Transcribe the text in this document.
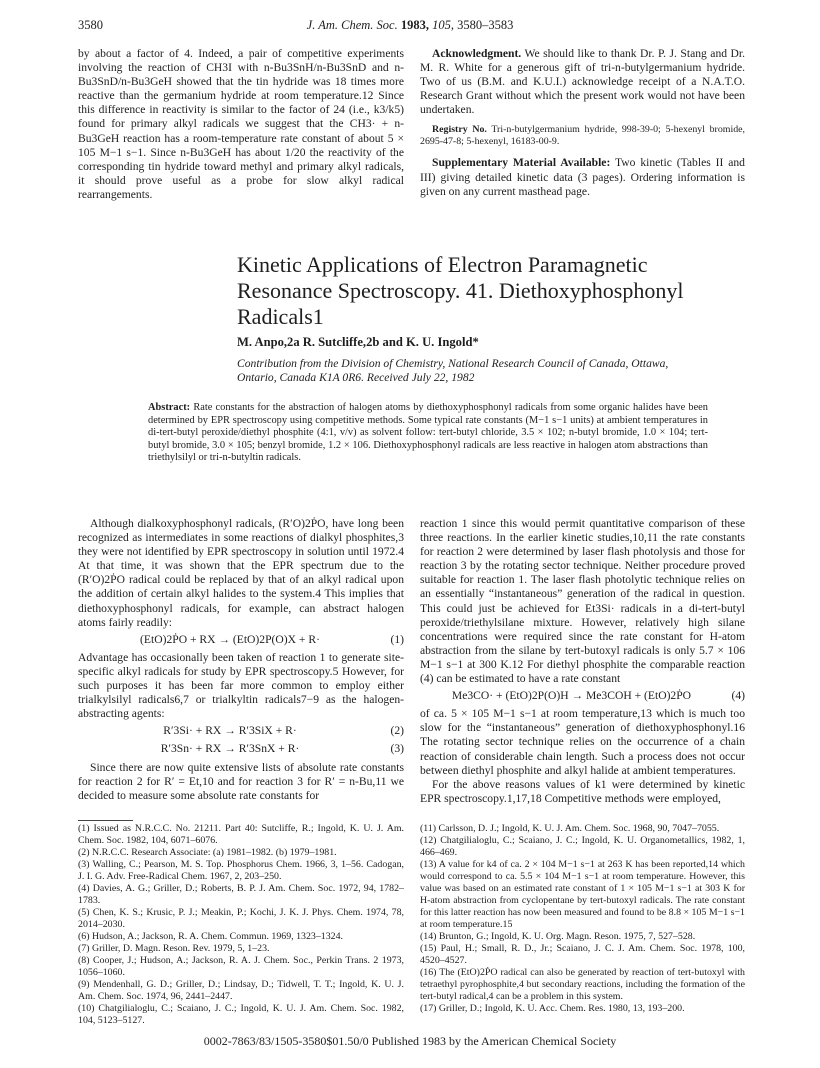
3580	J. Am. Chem. Soc. 1983, 105, 3580–3583

by about a factor of 4. Indeed, a pair of competitive experiments involving the reaction of CH3I with n-Bu3SnH/n-Bu3SnD and n-Bu3SnD/n-Bu3GeH showed that the tin hydride was 18 times more reactive than the germanium hydride at room temperature.12 Since this difference in reactivity is similar to the factor of 24 (i.e., k3/k5) found for primary alkyl radicals we suggest that the CH3· + n-Bu3GeH reaction has a room-temperature rate constant of about 5 × 105 M−1 s−1. Since n-Bu3GeH has about 1/20 the reactivity of the corresponding tin hydride toward methyl and primary alkyl radicals, it should prove useful as a probe for slow alkyl radical rearrangements.

Acknowledgment. We should like to thank Dr. P. J. Stang and Dr. M. R. White for a generous gift of tri-n-butylgermanium hydride. Two of us (B.M. and K.U.I.) acknowledge receipt of a N.A.T.O. Research Grant without which the present work would not have been undertaken.

Registry No. Tri-n-butylgermanium hydride, 998-39-0; 5-hexenyl bromide, 2695-47-8; 5-hexenyl, 16183-00-9.

Supplementary Material Available: Two kinetic (Tables II and III) giving detailed kinetic data (3 pages). Ordering information is given on any current masthead page.

Kinetic Applications of Electron Paramagnetic Resonance Spectroscopy. 41. Diethoxyphosphonyl Radicals1
M. Anpo,2a R. Sutcliffe,2b and K. U. Ingold*
Contribution from the Division of Chemistry, National Research Council of Canada, Ottawa, Ontario, Canada K1A 0R6. Received July 22, 1982
Abstract: Rate constants for the abstraction of halogen atoms by diethoxyphosphonyl radicals from some organic halides have been determined by EPR spectroscopy using competitive methods. Some typical rate constants (M−1 s−1 units) at ambient temperatures in di-tert-butyl peroxide/diethyl phosphite (4:1, v/v) as solvent follow: tert-butyl chloride, 3.5 × 102; n-butyl bromide, 1.0 × 104; tert-butyl bromide, 3.0 × 105; benzyl bromide, 1.2 × 106. Diethoxyphosphonyl radicals are less reactive in halogen atom abstractions than triethylsilyl or tri-n-butyltin radicals.

Although dialkoxyphosphonyl radicals, (R′O)2ṖO, have long been recognized as intermediates in some reactions of dialkyl phosphites,3 they were not identified by EPR spectroscopy in solution until 1972.4 At that time, it was shown that the EPR spectrum due to the (R′O)2ṖO radical could be replaced by that of an alkyl radical upon the addition of certain alkyl halides to the system.4 This implies that diethoxyphosphonyl radicals, for example, can abstract halogen atoms fairly readily:

(EtO)2ṖO + RX → (EtO)2P(O)X + R·	(1)

Advantage has occasionally been taken of reaction 1 to generate site-specific alkyl radicals for study by EPR spectroscopy.5 However, for such purposes it has been far more common to employ either trialkylsilyl radicals6,7 or trialkyltin radicals7−9 as the halogen-abstracting agents:

R′3Si· + RX → R′3SiX + R·	(2)
R′3Sn· + RX → R′3SnX + R·	(3)

Since there are now quite extensive lists of absolute rate constants for reaction 2 for R′ = Et,10 and for reaction 3 for R′ = n-Bu,11 we decided to measure some absolute rate constants for

reaction 1 since this would permit quantitative comparison of these three reactions. In the earlier kinetic studies,10,11 the rate constants for reaction 2 were determined by laser flash photolysis and those for reaction 3 by the rotating sector technique. Neither procedure proved suitable for reaction 1. The laser flash photolytic technique relies on an essentially “instantaneous” generation of the radical in question. This could just be achieved for Et3Si· radicals in a di-tert-butyl peroxide/triethylsilane mixture. However, relatively high silane concentrations were required since the rate constant for H-atom abstraction from the silane by tert-butoxyl radicals is only 5.7 × 106 M−1 s−1 at 300 K.12 For diethyl phosphite the comparable reaction (4) can be estimated to have a rate constant

Me3CO· + (EtO)2P(O)H → Me3COH + (EtO)2ṖO	(4)

of ca. 5 × 105 M−1 s−1 at room temperature,13 which is much too slow for the “instantaneous” generation of diethoxyphosphonyl.16 The rotating sector technique relies on the occurrence of a chain reaction of considerable chain length. Such a process does not occur between diethyl phosphite and alkyl halide at ambient temperatures.

For the above reasons values of k1 were determined by kinetic EPR spectroscopy.1,17,18 Competitive methods were employed,

(1) Issued as N.R.C.C. No. 21211. Part 40: Sutcliffe, R.; Ingold, K. U. J. Am. Chem. Soc. 1982, 104, 6071–6076.

(2) N.R.C.C. Research Associate: (a) 1981–1982. (b) 1979–1981.

(3) Walling, C.; Pearson, M. S. Top. Phosphorus Chem. 1966, 3, 1–56. Cadogan, J. I. G. Adv. Free-Radical Chem. 1967, 2, 203–250.

(4) Davies, A. G.; Griller, D.; Roberts, B. P. J. Am. Chem. Soc. 1972, 94, 1782–1783.

(5) Chen, K. S.; Krusic, P. J.; Meakin, P.; Kochi, J. K. J. Phys. Chem. 1974, 78, 2014–2030.

(6) Hudson, A.; Jackson, R. A. Chem. Commun. 1969, 1323–1324.

(7) Griller, D. Magn. Reson. Rev. 1979, 5, 1–23.

(8) Cooper, J.; Hudson, A.; Jackson, R. A. J. Chem. Soc., Perkin Trans. 2 1973, 1056–1060.

(9) Mendenhall, G. D.; Griller, D.; Lindsay, D.; Tidwell, T. T.; Ingold, K. U. J. Am. Chem. Soc. 1974, 96, 2441–2447.

(10) Chatgilialoglu, C.; Scaiano, J. C.; Ingold, K. U. J. Am. Chem. Soc. 1982, 104, 5123–5127.

(11) Carlsson, D. J.; Ingold, K. U. J. Am. Chem. Soc. 1968, 90, 7047–7055.

(12) Chatgilialoglu, C.; Scaiano, J. C.; Ingold, K. U. Organometallics, 1982, 1, 466–469.

(13) A value for k4 of ca. 2 × 104 M−1 s−1 at 263 K has been reported,14 which would correspond to ca. 5.5 × 104 M−1 s−1 at room temperature. However, this value was based on an estimated rate constant of 1 × 105 M−1 s−1 at 303 K for H-atom abstraction from cyclopentane by tert-butoxyl radicals. The rate constant for this latter reaction has now been measured and found to be 8.8 × 105 M−1 s−1 at room temperature.15

(14) Brunton, G.; Ingold, K. U. Org. Magn. Reson. 1975, 7, 527–528.

(15) Paul, H.; Small, R. D., Jr.; Scaiano, J. C. J. Am. Chem. Soc. 1978, 100, 4520–4527.

(16) The (EtO)2ṖO radical can also be generated by reaction of tert-butoxyl with tetraethyl pyrophosphite,4 but secondary reactions, including the formation of the tert-butyl radical,4 can be a problem in this system.

(17) Griller, D.; Ingold, K. U. Acc. Chem. Res. 1980, 13, 193–200.

0002-7863/83/1505-3580$01.50/0 Published 1983 by the American Chemical Society
